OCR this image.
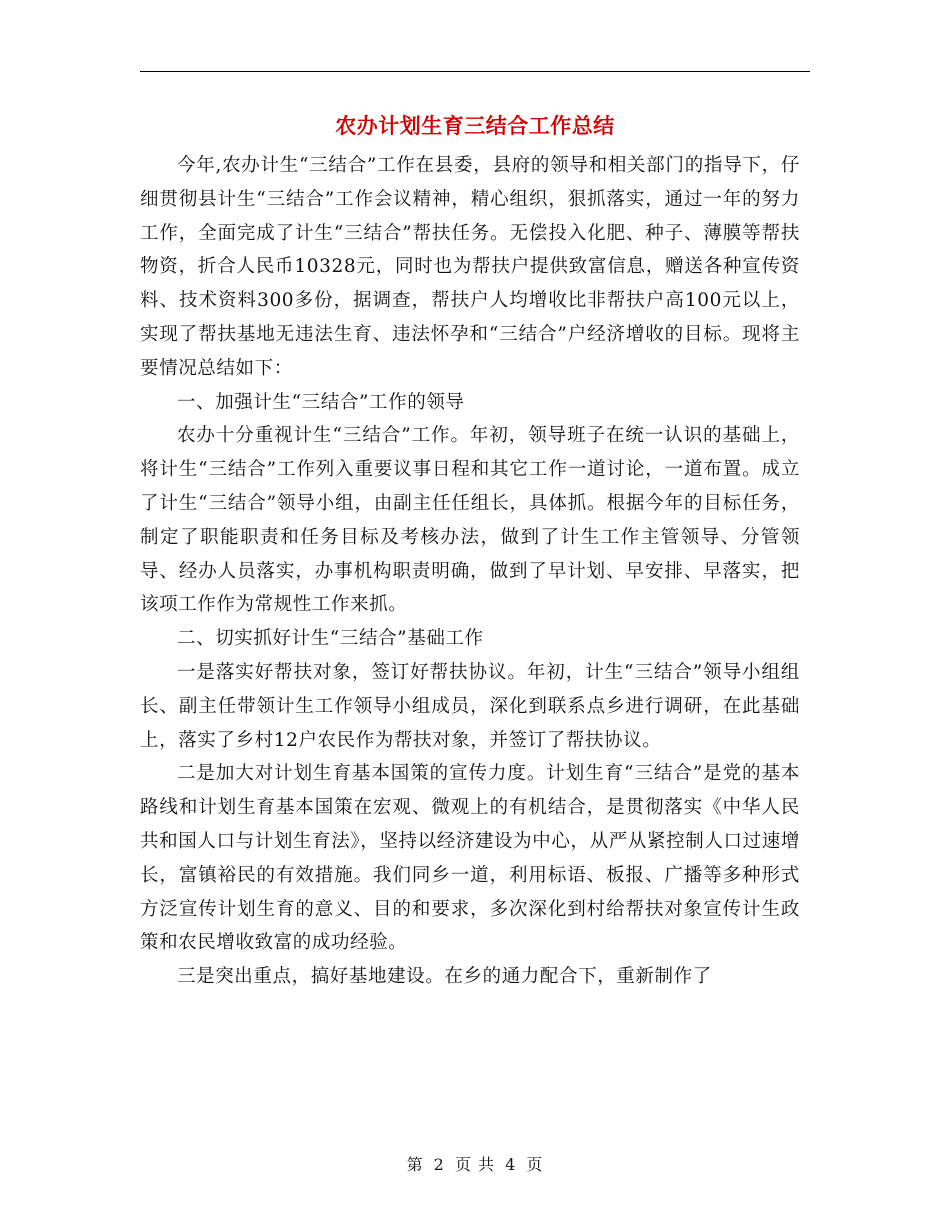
农办计划生育三结合工作总结

今年,农办计生“三结合”工作在县委，县府的领导和相关部门的指导下，仔细贯彻县计生“三结合”工作会议精神，精心组织，狠抓落实，通过一年的努力工作，全面完成了计生“三结合”帮扶任务。无偿投入化肥、种子、薄膜等帮扶物资，折合人民币10328元，同时也为帮扶户提供致富信息，赠送各种宣传资料、技术资料300多份，据调查，帮扶户人均增收比非帮扶户高100元以上，实现了帮扶基地无违法生育、违法怀孕和“三结合”户经济增收的目标。现将主要情况总结如下：

一、加强计生“三结合”工作的领导

农办十分重视计生“三结合”工作。年初，领导班子在统一认识的基础上，将计生“三结合”工作列入重要议事日程和其它工作一道讨论，一道布置。成立了计生“三结合”领导小组，由副主任任组长，具体抓。根据今年的目标任务，制定了职能职责和任务目标及考核办法，做到了计生工作主管领导、分管领导、经办人员落实，办事机构职责明确，做到了早计划、早安排、早落实，把该项工作作为常规性工作来抓。

二、切实抓好计生“三结合”基础工作

一是落实好帮扶对象，签订好帮扶协议。年初，计生“三结合”领导小组组长、副主任带领计生工作领导小组成员，深化到联系点乡进行调研，在此基础上，落实了乡村12户农民作为帮扶对象，并签订了帮扶协议。

二是加大对计划生育基本国策的宣传力度。计划生育“三结合”是党的基本路线和计划生育基本国策在宏观、微观上的有机结合，是贯彻落实《中华人民共和国人口与计划生育法》，坚持以经济建设为中心，从严从紧控制人口过速增长，富镇裕民的有效措施。我们同乡一道，利用标语、板报、广播等多种形式方泛宣传计划生育的意义、目的和要求，多次深化到村给帮扶对象宣传计生政策和农民增收致富的成功经验。

三是突出重点，搞好基地建设。在乡的通力配合下，重新制作了

第 2 页 共 4 页
